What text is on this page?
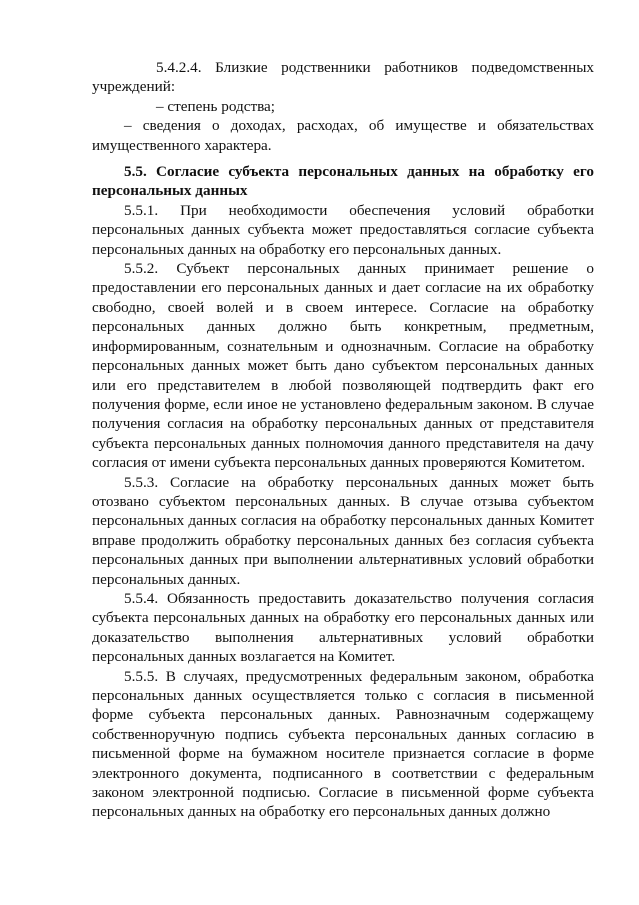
5.4.2.4. Близкие родственники работников подведомственных учреждений:

– степень родства;

– сведения о доходах, расходах, об имуществе и обязательствах имущественного характера.

5.5. Согласие субъекта персональных данных на обработку его персональных данных

5.5.1. При необходимости обеспечения условий обработки персональных данных субъекта может предоставляться согласие субъекта персональных данных на обработку его персональных данных.

5.5.2. Субъект персональных данных принимает решение о предоставлении его персональных данных и дает согласие на их обработку свободно, своей волей и в своем интересе. Согласие на обработку персональных данных должно быть конкретным, предметным, информированным, сознательным и однозначным. Согласие на обработку персональных данных может быть дано субъектом персональных данных или его представителем в любой позволяющей подтвердить факт его получения форме, если иное не установлено федеральным законом. В случае получения согласия на обработку персональных данных от представителя субъекта персональных данных полномочия данного представителя на дачу согласия от имени субъекта персональных данных проверяются Комитетом.

5.5.3. Согласие на обработку персональных данных может быть отозвано субъектом персональных данных. В случае отзыва субъектом персональных данных согласия на обработку персональных данных Комитет вправе продолжить обработку персональных данных без согласия субъекта персональных данных при выполнении альтернативных условий обработки персональных данных.

5.5.4. Обязанность предоставить доказательство получения согласия субъекта персональных данных на обработку его персональных данных или доказательство выполнения альтернативных условий обработки персональных данных возлагается на Комитет.

5.5.5. В случаях, предусмотренных федеральным законом, обработка персональных данных осуществляется только с согласия в письменной форме субъекта персональных данных. Равнозначным содержащему собственноручную подпись субъекта персональных данных согласию в письменной форме на бумажном носителе признается согласие в форме электронного документа, подписанного в соответствии с федеральным законом электронной подписью. Согласие в письменной форме субъекта персональных данных на обработку его персональных данных должно
